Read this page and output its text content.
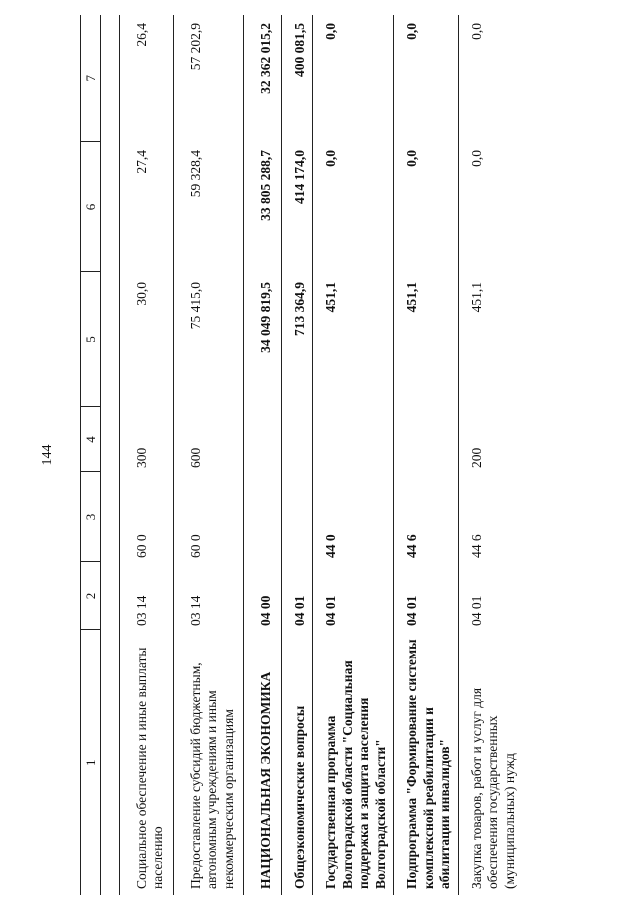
144
1	2	3	4	5	6	7

Социальное обеспечение и иные выплаты населению	03 14	60 0	300	30,0	27,4	26,4
Предоставление субсидий бюджетным, автономным учреждениям и иным некоммерческим организациям	03 14	60 0	600	75 415,0	59 328,4	57 202,9
НАЦИОНАЛЬНАЯ ЭКОНОМИКА	04 00			34 049 819,5	33 805 288,7	32 362 015,2
Общеэкономические вопросы	04 01			713 364,9	414 174,0	400 081,5
Государственная программа Волгоградской области "Социальная поддержка и защита населения Волгоградской области"	04 01	44 0		451,1	0,0	0,0
Подпрограмма "Формирование системы комплексной реабилитации и абилитации инвалидов"	04 01	44 6		451,1	0,0	0,0
Закупка товаров, работ и услуг для обеспечения государственных (муниципальных) нужд	04 01	44 6	200	451,1	0,0	0,0
